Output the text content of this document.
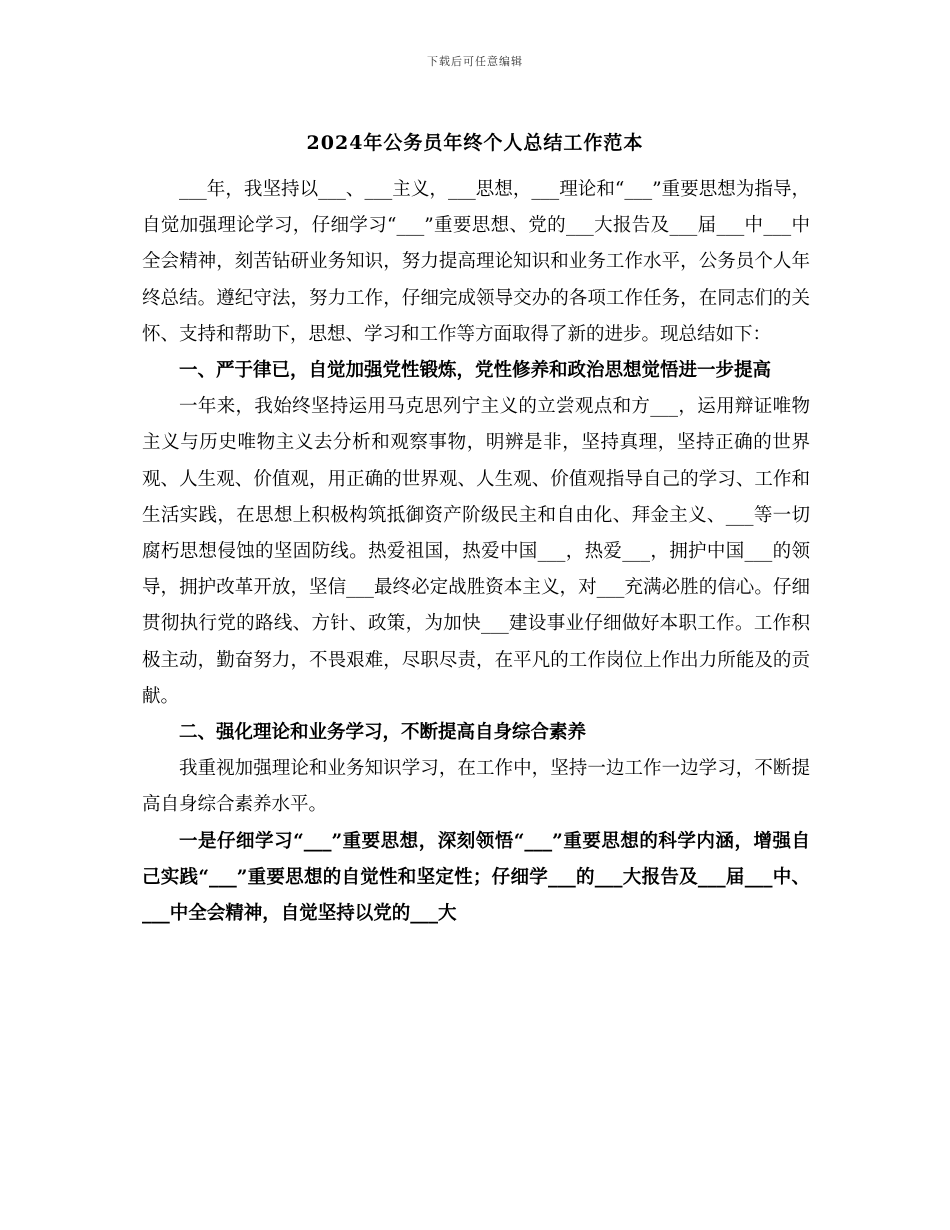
下载后可任意编辑
2024年公务员年终个人总结工作范本

___年，我坚持以___、___主义，___思想，___理论和“___”重要思想为指导，自觉加强理论学习，仔细学习“___”重要思想、党的___大报告及___届___中___中全会精神，刻苦钻研业务知识，努力提高理论知识和业务工作水平，公务员个人年终总结。遵纪守法，努力工作，仔细完成领导交办的各项工作任务，在同志们的关怀、支持和帮助下，思想、学习和工作等方面取得了新的进步。现总结如下：

一、严于律已，自觉加强党性锻炼，党性修养和政治思想觉悟进一步提高

一年来，我始终坚持运用马克思列宁主义的立尝观点和方___，运用辩证唯物主义与历史唯物主义去分析和观察事物，明辨是非，坚持真理，坚持正确的世界观、人生观、价值观，用正确的世界观、人生观、价值观指导自己的学习、工作和生活实践，在思想上积极构筑抵御资产阶级民主和自由化、拜金主义、___等一切腐朽思想侵蚀的坚固防线。热爱祖国，热爱中国___，热爱___，拥护中国___的领导，拥护改革开放，坚信___最终必定战胜资本主义，对___充满必胜的信心。仔细贯彻执行党的路线、方针、政策，为加快___建设事业仔细做好本职工作。工作积极主动，勤奋努力，不畏艰难，尽职尽责，在平凡的工作岗位上作出力所能及的贡献。

二、强化理论和业务学习，不断提高自身综合素养

我重视加强理论和业务知识学习，在工作中，坚持一边工作一边学习，不断提高自身综合素养水平。

一是仔细学习“___”重要思想，深刻领悟“___”重要思想的科学内涵，增强自己实践“___”重要思想的自觉性和坚定性；仔细学___的___大报告及___届___中、___中全会精神，自觉坚持以党的___大
